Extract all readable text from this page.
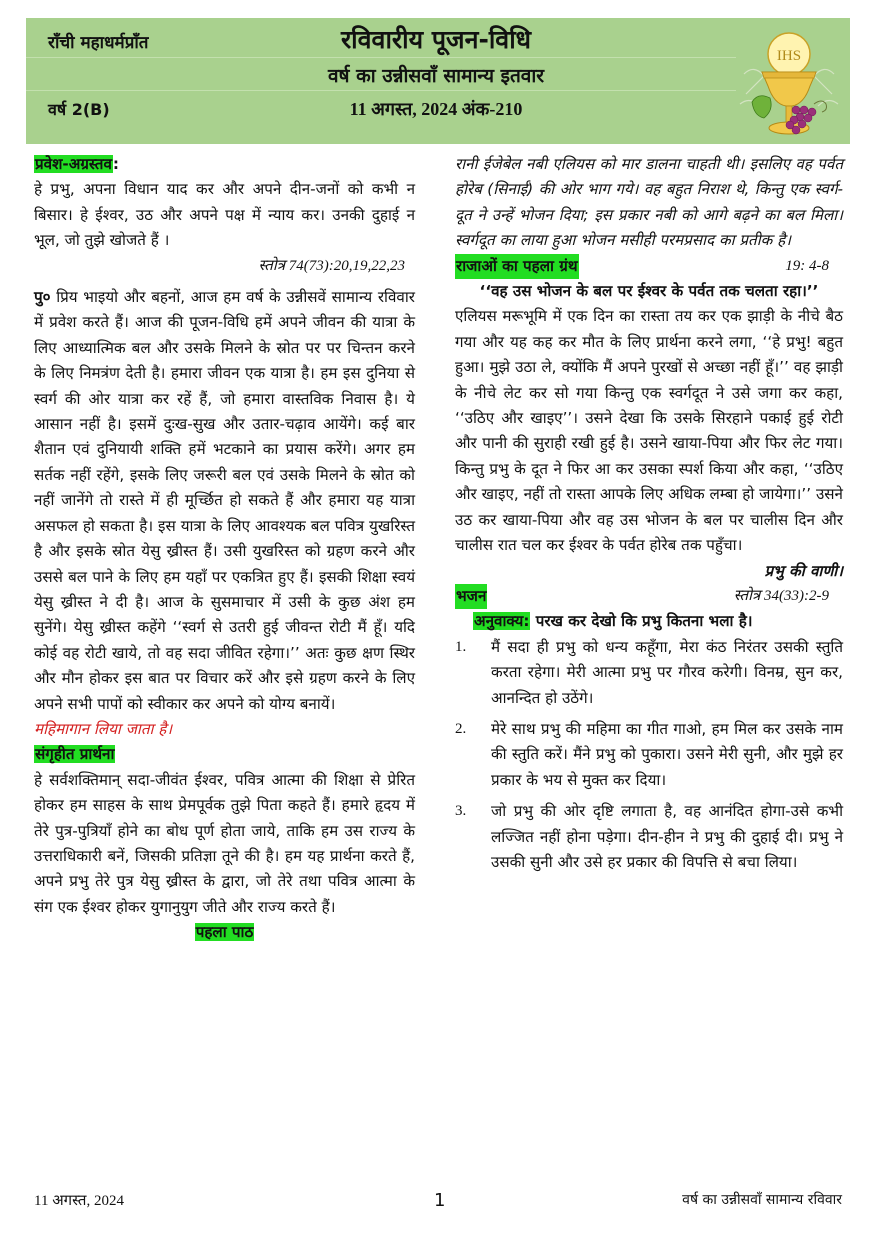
राँची महाधर्मप्राँत
वर्ष 2(B)
रविवारीय पूजन-विधि
वर्ष का उन्नीसवाँ सामान्य इतवार
11 अगस्त, 2024 अंक-210
IHS
प्रवेश-अग्रस्तव:
हे प्रभु, अपना विधान याद कर और अपने दीन-जनों को कभी न बिसार। हे ईश्वर, उठ और अपने पक्ष में न्याय कर। उनकी दुहाई न भूल, जो तुझे खोजते हैं ।
स्तोत्र 74(73):20,19,22,23
पु० प्रिय भाइयो और बहनों, आज हम वर्ष के उन्नीसवें सामान्य रविवार में प्रवेश करते हैं। आज की पूजन-विधि हमें अपने जीवन की यात्रा के लिए आध्यात्मिक बल और उसके मिलने के स्रोत पर पर चिन्तन करने के लिए निमत्रंण देती है। हमारा जीवन एक यात्रा है। हम इस दुनिया से स्वर्ग की ओर यात्रा कर रहें हैं, जो हमारा वास्तविक निवास है। ये आसान नहीं है। इसमें दुःख-सुख और उतार-चढ़ाव आयेंगे। कई बार शैतान एवं दुनियायी शक्ति हमें भटकाने का प्रयास करेंगे। अगर हम सर्तक नहीं रहेंगे, इसके लिए जरूरी बल एवं उसके मिलने के स्रोत को नहीं जानेंगे तो रास्ते में ही मूर्च्छित हो सकते हैं और हमारा यह यात्रा असफल हो सकता है। इस यात्रा के लिए आवश्यक बल पवित्र युखरिस्त है और इसके स्रोत येसु ख्रीस्त हैं। उसी युखरिस्त को ग्रहण करने और उससे बल पाने के लिए हम यहाँ पर एकत्रित हुए हैं। इसकी शिक्षा स्वयं येसु ख्रीस्त ने दी है। आज के सुसमाचार में उसी के कुछ अंश हम सुनेंगे। येसु ख्रीस्त कहेंगे ‘‘स्वर्ग से उतरी हुई जीवन्त रोटी मैं हूँ। यदि कोई वह रोटी खाये, तो वह सदा जीवित रहेगा।’’ अतः कुछ क्षण स्थिर और मौन होकर इस बात पर विचार करें और इसे ग्रहण करने के लिए अपने सभी पापों को स्वीकार कर अपने को योग्य बनायें।
महिमागान लिया जाता है।
संगृहीत प्रार्थना
हे सर्वशक्तिमान् सदा-जीवंत ईश्वर, पवित्र आत्मा की शिक्षा से प्रेरित होकर हम साहस के साथ प्रेमपूर्वक तुझे पिता कहते हैं। हमारे हृदय में तेरे पुत्र-पुत्रियाँ होने का बोध पूर्ण होता जाये, ताकि हम उस राज्य के उत्तराधिकारी बनें, जिसकी प्रतिज्ञा तूने की है। हम यह प्रार्थना करते हैं, अपने प्रभु तेरे पुत्र येसु ख्रीस्त के द्वारा, जो तेरे तथा पवित्र आत्मा के संग एक ईश्वर होकर युगानुयुग जीते और राज्य करते हैं।
पहला पाठ
रानी ईजेबेल नबी एलियस को मार डालना चाहती थी। इसलिए वह पर्वत होरेब (सिनाई) की ओर भाग गये। वह बहुत निराश थे, किन्तु एक स्वर्ग-दूत ने उन्हें भोजन दिया; इस प्रकार नबी को आगे बढ़ने का बल मिला। स्वर्गदूत का लाया हुआ भोजन मसीही परमप्रसाद का प्रतीक है।
राजाओं का पहला ग्रंथ	19: 4-8
‘‘वह उस भोजन के बल पर ईश्वर के पर्वत तक चलता रहा।’’
एलियस मरूभूमि में एक दिन का रास्ता तय कर एक झाड़ी के नीचे बैठ गया और यह कह कर मौत के लिए प्रार्थना करने लगा, ‘‘हे प्रभु! बहुत हुआ। मुझे उठा ले, क्योंकि मैं अपने पुरखों से अच्छा नहीं हूँ।’’ वह झाड़ी के नीचे लेट कर सो गया किन्तु एक स्वर्गदूत ने उसे जगा कर कहा, ‘‘उठिए और खाइए’’। उसने देखा कि उसके सिरहाने पकाई हुई रोटी और पानी की सुराही रखी हुई है। उसने खाया-पिया और फिर लेट गया। किन्तु प्रभु के दूत ने फिर आ कर उसका स्पर्श किया और कहा, ‘‘उठिए और खाइए, नहीं तो रास्ता आपके लिए अधिक लम्बा हो जायेगा।’’ उसने उठ कर खाया-पिया और वह उस भोजन के बल पर चालीस दिन और चालीस रात चल कर ईश्वर के पर्वत होरेब तक पहुँचा।
प्रभु की वाणी।
भजन	स्तोत्र 34(33):2-9
अनुवाक्य: परख कर देखो कि प्रभु कितना भला है।
1.	मैं सदा ही प्रभु को धन्य कहूँगा, मेरा कंठ निरंतर उसकी स्तुति करता रहेगा। मेरी आत्मा प्रभु पर गौरव करेगी। विनम्र, सुन कर, आनन्दित हो उठेंगे।
2.	मेरे साथ प्रभु की महिमा का गीत गाओ, हम मिल कर उसके नाम की स्तुति करें। मैंने प्रभु को पुकारा। उसने मेरी सुनी, और मुझे हर प्रकार के भय से मुक्त कर दिया।
3.	जो प्रभु की ओर दृष्टि लगाता है, वह आनंदित होगा-उसे कभी लज्जित नहीं होना पड़ेगा। दीन-हीन ने प्रभु की दुहाई दी। प्रभु ने उसकी सुनी और उसे हर प्रकार की विपत्ति से बचा लिया।
11 अगस्त, 2024	1	वर्ष का उन्नीसवाँ सामान्य रविवार
